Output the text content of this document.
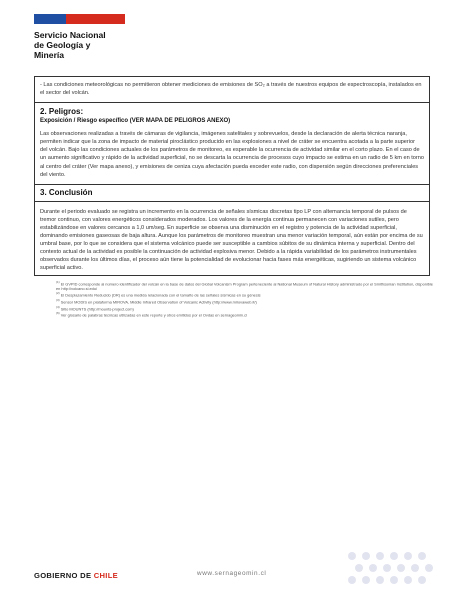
Servicio Nacional
de Geología y
Minería

- Las condiciones meteorológicas no permitieron obtener mediciones de emisiones de SO₂ a través de nuestros equipos de espectroscopía, instalados en el sector del volcán.

2. Peligros:

Exposición / Riesgo específico (VER MAPA DE PELIGROS ANEXO)

Las observaciones realizadas a través de cámaras de vigilancia, imágenes satelitales y sobrevuelos, desde la declaración de alerta técnica naranja, permiten indicar que la zona de impacto de material piroclástico producido en las explosiones a nivel de cráter se encuentra acotada a la parte superior del volcán. Bajo las condiciones actuales de los parámetros de monitoreo, es esperable la ocurrencia de actividad similar en el corto plazo. En el caso de un aumento significativo y rápido de la actividad superficial, no se descarta la ocurrencia de procesos cuyo impacto se estima en un radio de 5 km en torno al centro del cráter (Ver mapa anexo), y emisiones de ceniza cuya afectación pueda exceder este radio, con dispersión según direcciones preferenciales del viento.

3. Conclusión

Durante el periodo evaluado se registra un incremento en la ocurrencia de señales sísmicas discretas tipo LP con altemancia temporal de pulsos de tremor continuo, con valores energéticos considerados moderados. Los valores de la energía continua permanecen con variaciones sutiles, pero estabilizándose en valores cercanos a 1,0 um/seg. En superficie se observa una disminución en el registro y potencia de la actividad superficial, dominando emisiones gaseosas de baja altura. Aunque los parámetros de monitoreo muestran una menor variación temporal, aún están por encima de su umbral base, por lo que se considera que el sistema volcánico puede ser susceptible a cambios súbitos de su dinámica interna y superficial. Dentro del contexto actual de la actividad es posible la continuación de actividad explosiva menor. Debido a la rápida variabilidad de los parámetros instrumentales observados durante los últimos días, el proceso aún tiene la potencialidad de evolucionar hacia fases más energéticas, sugiriendo un sistema volcánico superficial activo.

$^{(1)}$ El GVPID corresponde al número identificador del volcán en la base de datos del Global Volcanism Program perteneciente al National Museum of Natural History administrado por el Smithsonian Institution, disponible en http://volcano.si.edu/

$^{(2)}$ El Desplazamiento Reducido (DR) es una medida relacionada con el tamaño de las señales sísmicas en su génesis

$^{(3)}$ Sensor MODIS en plataforma MIROVA, Middle Infrared Observation of Volcanic Activity (http://www.mirovaweb.it/)

$^{(4)}$ Sitio MOUNTS (http://mounts-project.com)

$^{(6)}$ Ver glosario de palabras técnicas utilizadas en este reporte y otros emitidos por el Ovdas en sernageomin.cl

GOBIERNO DE CHILE	www.sernageomin.cl
